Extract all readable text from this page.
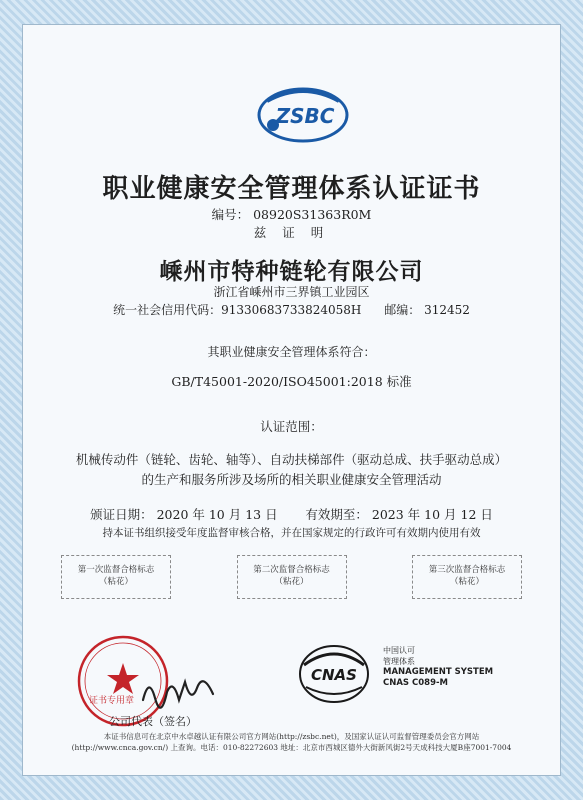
ZSBC
职业健康安全管理体系认证证书
编号： 08920S31363R0M
兹 证 明
嵊州市特种链轮有限公司
浙江省嵊州市三界镇工业园区
统一社会信用代码：91330683733824058H 邮编： 312452
其职业健康安全管理体系符合：
GB/T45001-2020/ISO45001:2018 标准
认证范围：
机械传动件（链轮、齿轮、轴等）、自动扶梯部件（驱动总成、扶手驱动总成）
的生产和服务所涉及场所的相关职业健康安全管理活动
颁证日期： 2020 年 10 月 13 日 有效期至： 2023 年 10 月 12 日
持本证书组织接受年度监督审核合格，并在国家规定的行政许可有效期内使用有效
第一次监督合格标志
（粘花）
第二次监督合格标志
（粘花）
第三次监督合格标志
（粘花）
证书专用章
公司代表（签名）
CNAS
中国认可
管理体系
MANAGEMENT SYSTEM
CNAS C089-M
本证书信息可在北京中水卓越认证有限公司官方网站(http://zsbc.net)，及国家认证认可监督管理委员会官方网站
(http://www.cnca.gov.cn/) 上查询。电话：010-82272603 地址：北京市西城区德外大街新风街2号天成科技大厦B座7001-7004
